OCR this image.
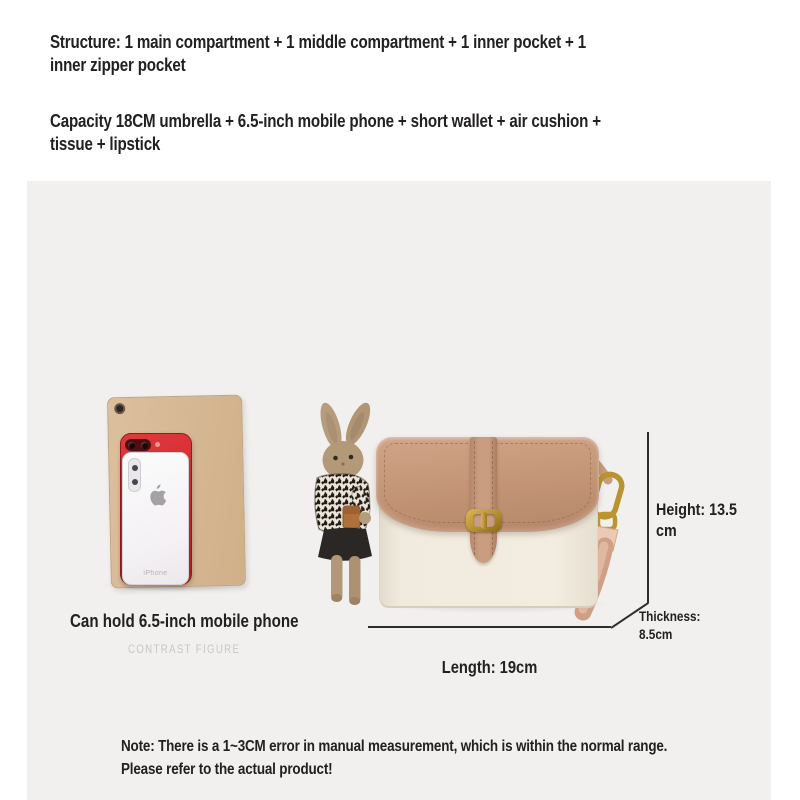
Structure: 1 main compartment + 1 middle compartment + 1 inner pocket + 1 inner zipper pocket
Capacity 18CM umbrella + 6.5-inch mobile phone + short wallet + air cushion + tissue + lipstick
iPhone
Height: 13.5 cm
Thickness:
8.5cm
Length: 19cm
Can hold 6.5-inch mobile phone
CONTRAST FIGURE
Note: There is a 1~3CM error in manual measurement, which is within the normal range. Please refer to the actual product!
